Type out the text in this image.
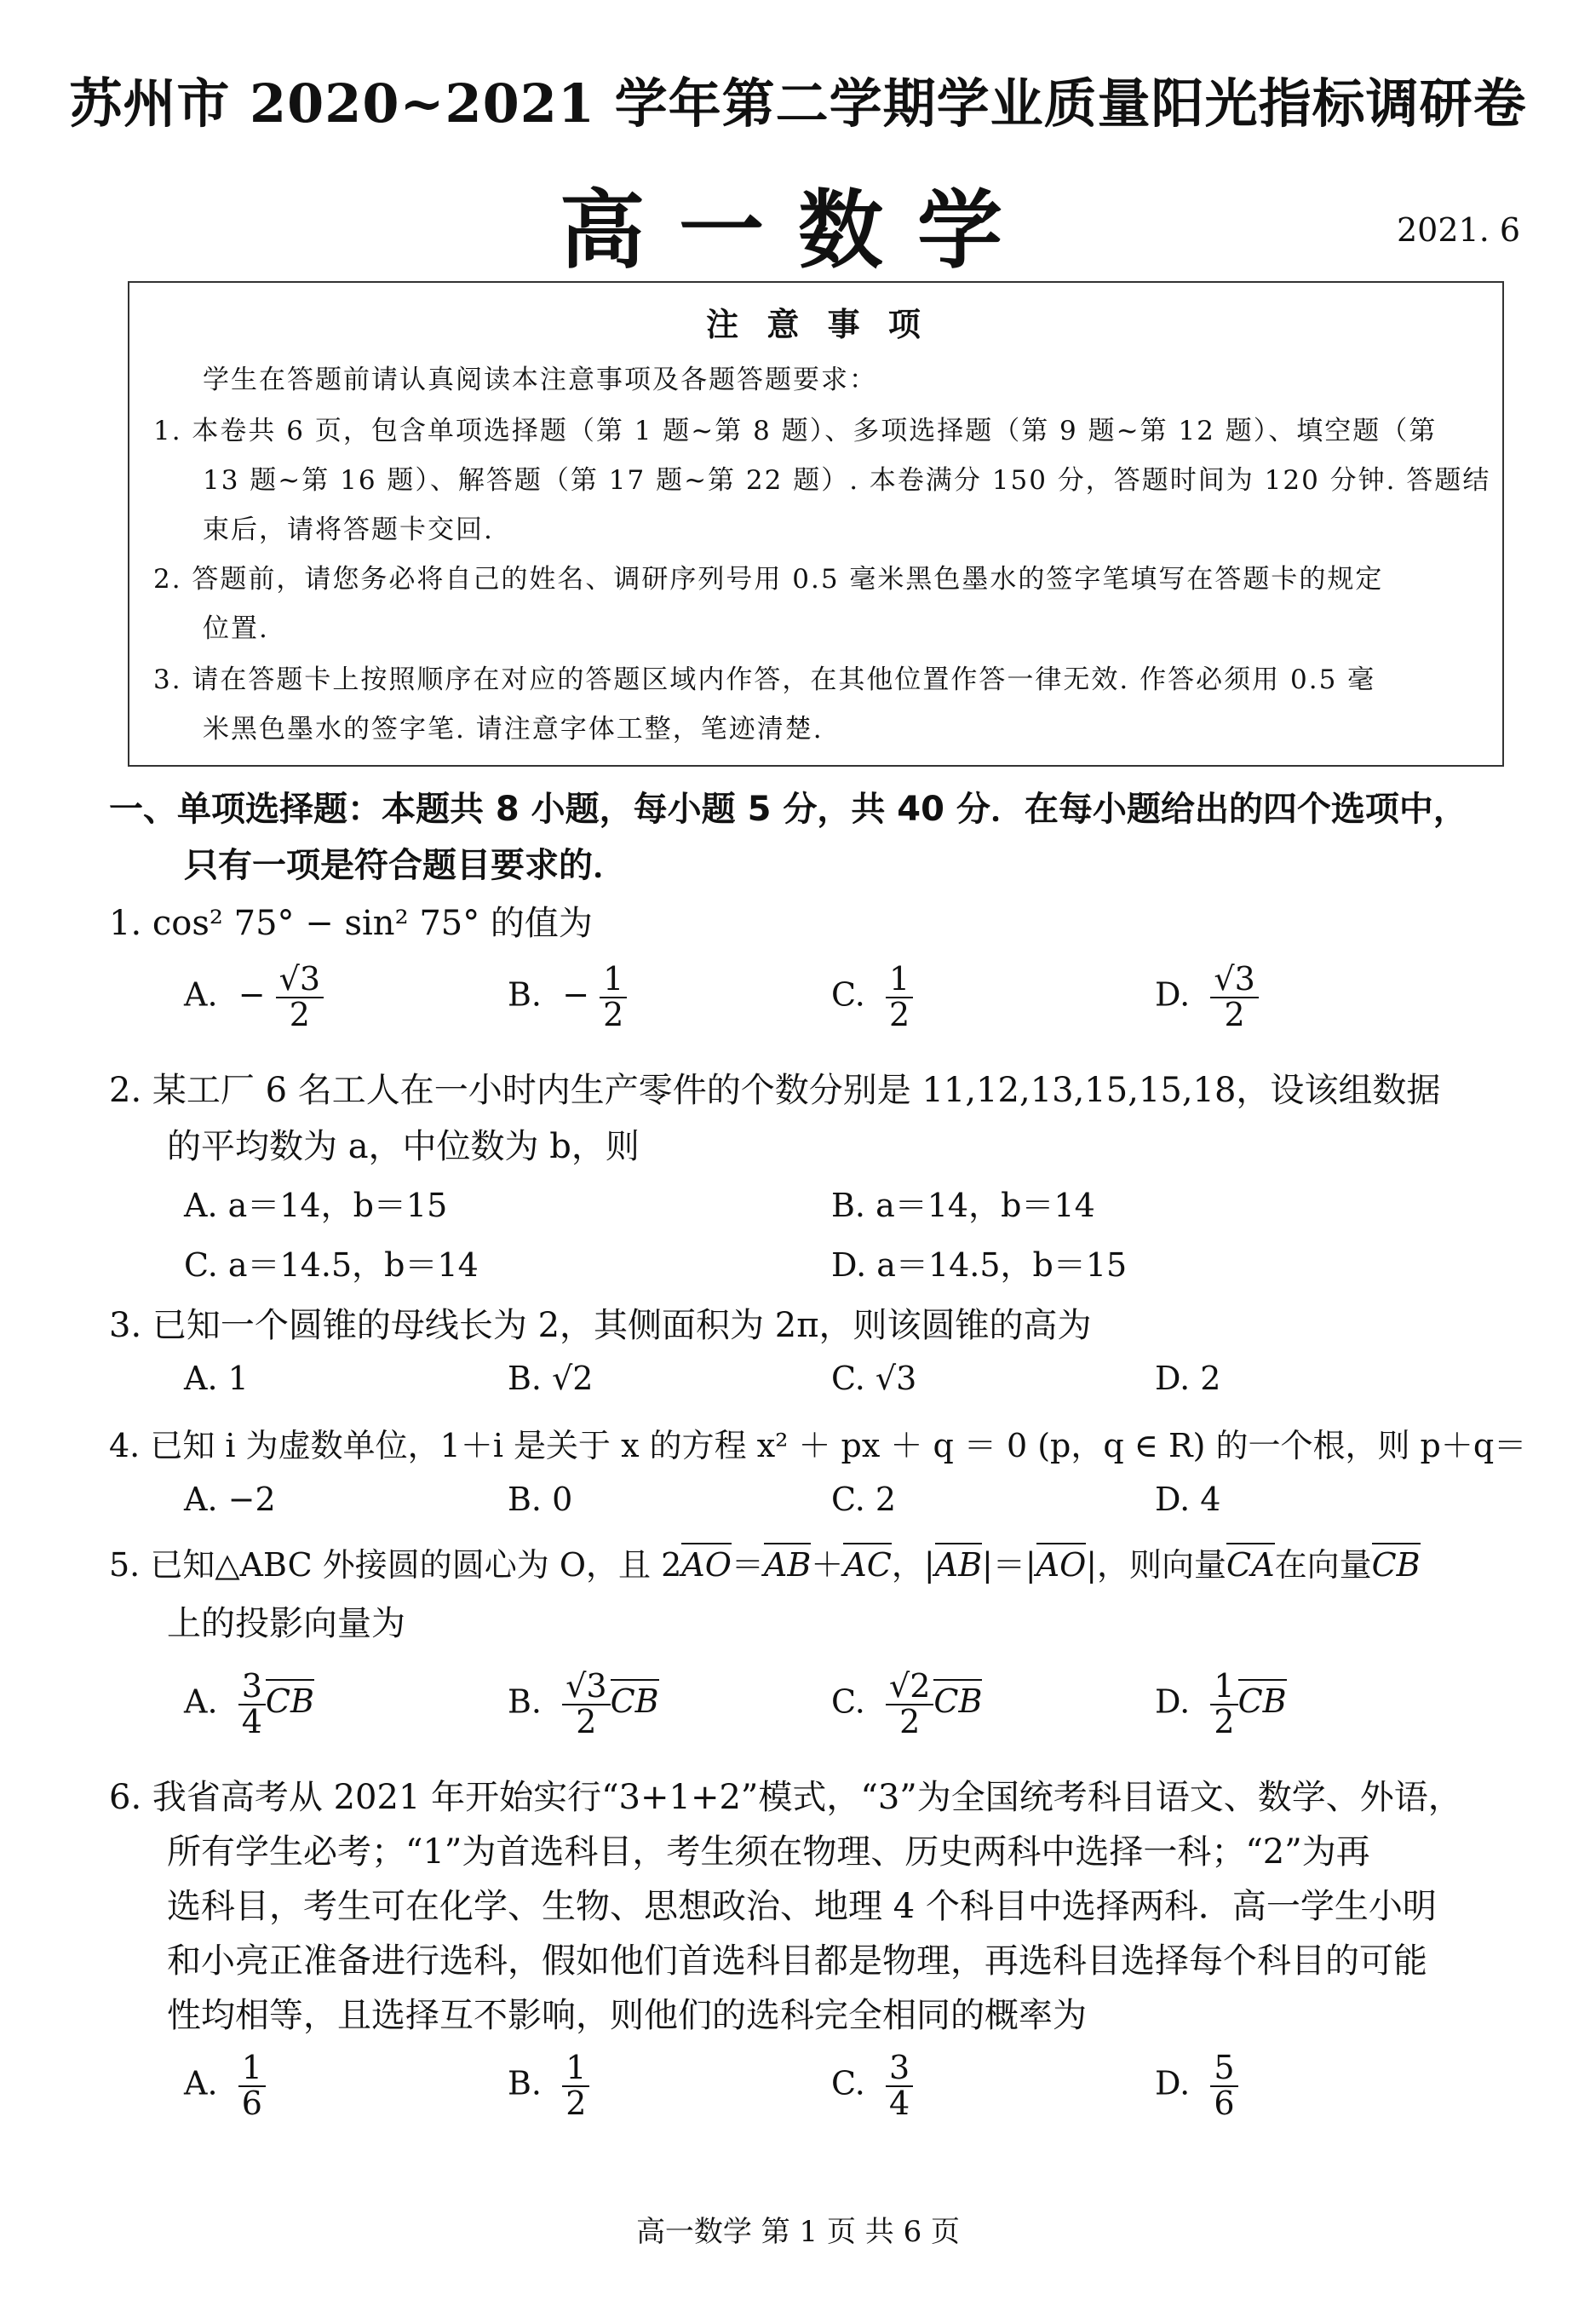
苏州市 2020~2021 学年第二学期学业质量阳光指标调研卷
高一数学	2021. 6
注 意 事 项
学生在答题前请认真阅读本注意事项及各题答题要求：
1. 本卷共 6 页，包含单项选择题（第 1 题~第 8 题）、多项选择题（第 9 题~第 12 题）、填空题（第
13 题~第 16 题）、解答题（第 17 题~第 22 题）. 本卷满分 150 分，答题时间为 120 分钟. 答题结
束后，请将答题卡交回.
2. 答题前，请您务必将自己的姓名、调研序列号用 0.5 毫米黑色墨水的签字笔填写在答题卡的规定
位置.
3. 请在答题卡上按照顺序在对应的答题区域内作答，在其他位置作答一律无效. 作答必须用 0.5 毫
米黑色墨水的签字笔. 请注意字体工整，笔迹清楚.
一、单项选择题：本题共 8 小题，每小题 5 分，共 40 分．在每小题给出的四个选项中，
只有一项是符合题目要求的．
1. cos² 75° − sin² 75° 的值为
A. − $\frac{√3}{2}$	B. − $\frac{1}{2}$	C. $\frac{1}{2}$	D. $\frac{√3}{2}$
2. 某工厂 6 名工人在一小时内生产零件的个数分别是 11,12,13,15,15,18，设该组数据
的平均数为 a，中位数为 b，则
A. a＝14，b＝15	B. a＝14，b＝14
C. a＝14.5，b＝14	D. a＝14.5，b＝15
3. 已知一个圆锥的母线长为 2，其侧面积为 2π，则该圆锥的高为
A. 1	B. √2	C. √3	D. 2
4. 已知 i 为虚数单位，1＋i 是关于 x 的方程 x² ＋ px ＋ q ＝ 0 (p，q ∈ R) 的一个根，则 p＋q＝
A. −2	B. 0	C. 2	D. 4
5. 已知△ABC 外接圆的圆心为 O，且 2AO＝AB＋AC，|AB|＝|AO|，则向量CA在向量CB
上的投影向量为
A. $\frac{3}{4}$ CB	B. $\frac{√3}{2}$ CB	C. $\frac{√2}{2}$ CB	D. $\frac{1}{2}$ CB
6. 我省高考从 2021 年开始实行“3+1+2”模式，“3”为全国统考科目语文、数学、外语，
所有学生必考；“1”为首选科目，考生须在物理、历史两科中选择一科；“2”为再
选科目，考生可在化学、生物、思想政治、地理 4 个科目中选择两科．高一学生小明
和小亮正准备进行选科，假如他们首选科目都是物理，再选科目选择每个科目的可能
性均相等，且选择互不影响，则他们的选科完全相同的概率为
A. $\frac{1}{6}$	B. $\frac{1}{2}$	C. $\frac{3}{4}$	D. $\frac{5}{6}$
高一数学 第 1 页 共 6 页
